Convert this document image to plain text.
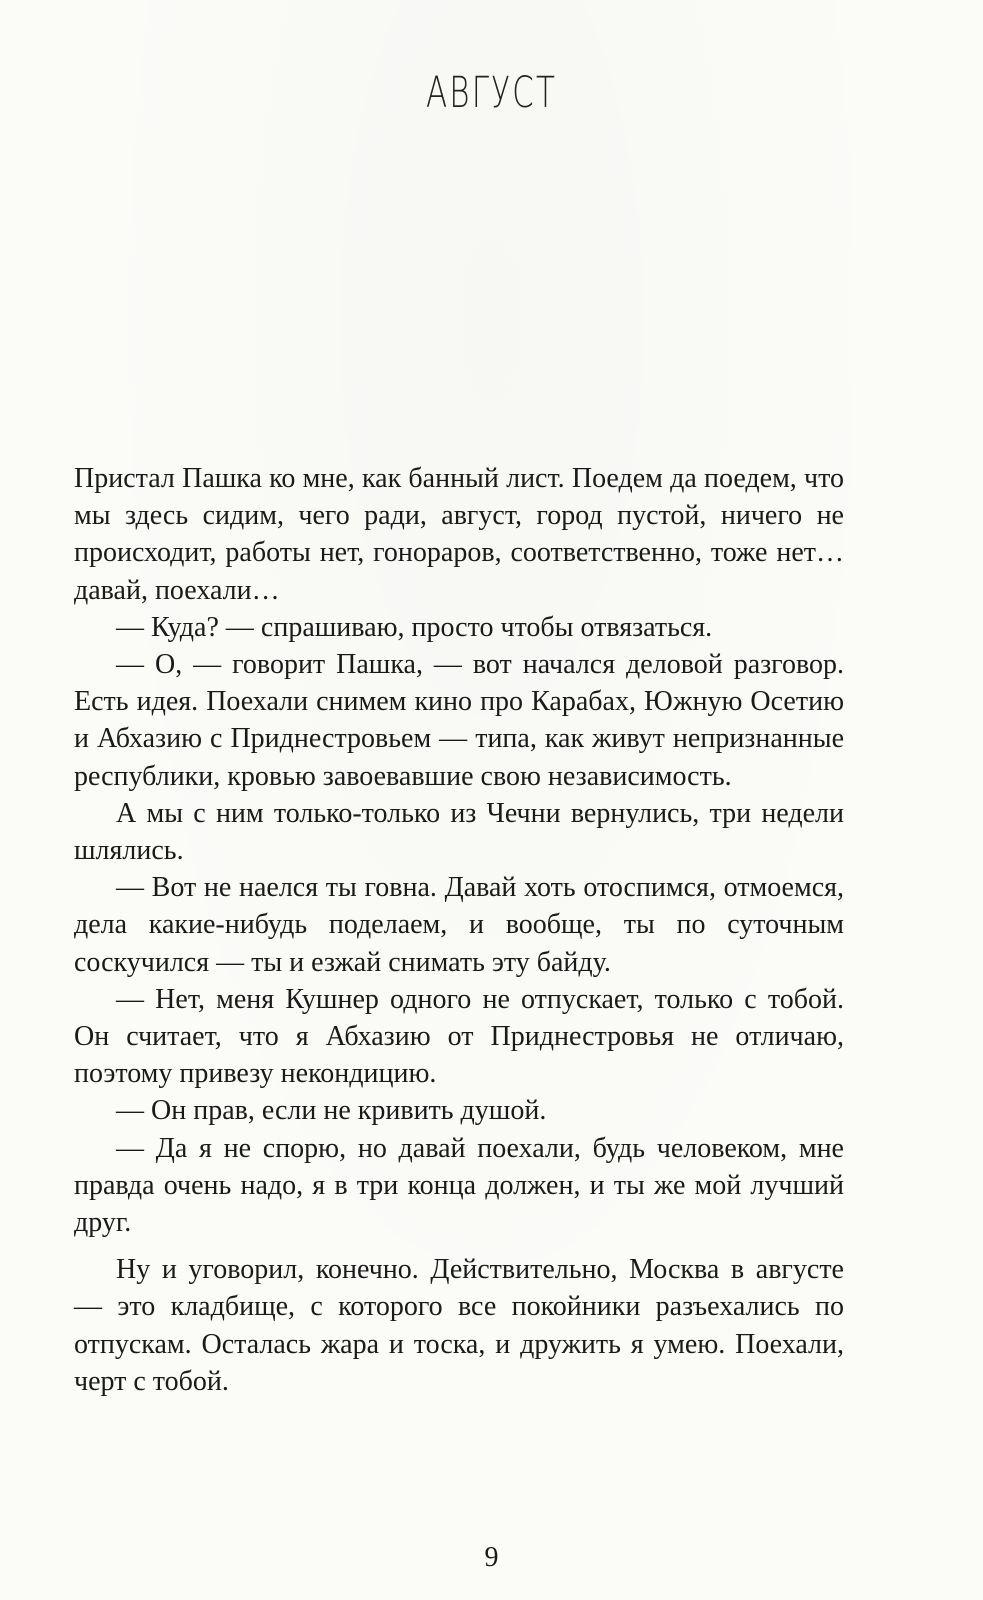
АВГУСТ

Пристал Пашка ко мне, как банный лист. Поедем да поедем, что мы здесь сидим, чего ради, август, город пустой, ничего не происходит, работы нет, гонораров, соответственно, тоже нет… давай, поехали…

— Куда? — спрашиваю, просто чтобы отвязаться.

— О, — говорит Пашка, — вот начался деловой разговор. Есть идея. Поехали снимем кино про Карабах, Южную Осетию и Абхазию с Приднестровьем — типа, как живут непризнанные республики, кровью завоевавшие свою независимость.

А мы с ним только-только из Чечни вернулись, три недели шлялись.

— Вот не наелся ты говна. Давай хоть отоспимся, отмоемся, дела какие-нибудь поделаем, и вообще, ты по суточным соскучился — ты и езжай снимать эту байду.

— Нет, меня Кушнер одного не отпускает, только с тобой. Он считает, что я Абхазию от Приднестровья не отличаю, поэтому привезу некондицию.

— Он прав, если не кривить душой.

— Да я не спорю, но давай поехали, будь человеком, мне правда очень надо, я в три конца должен, и ты же мой лучший друг.

Ну и уговорил, конечно. Действительно, Москва в августе — это кладбище, с которого все покойники разъехались по отпускам. Осталась жара и тоска, и дружить я умею. Поехали, черт с тобой.

9
